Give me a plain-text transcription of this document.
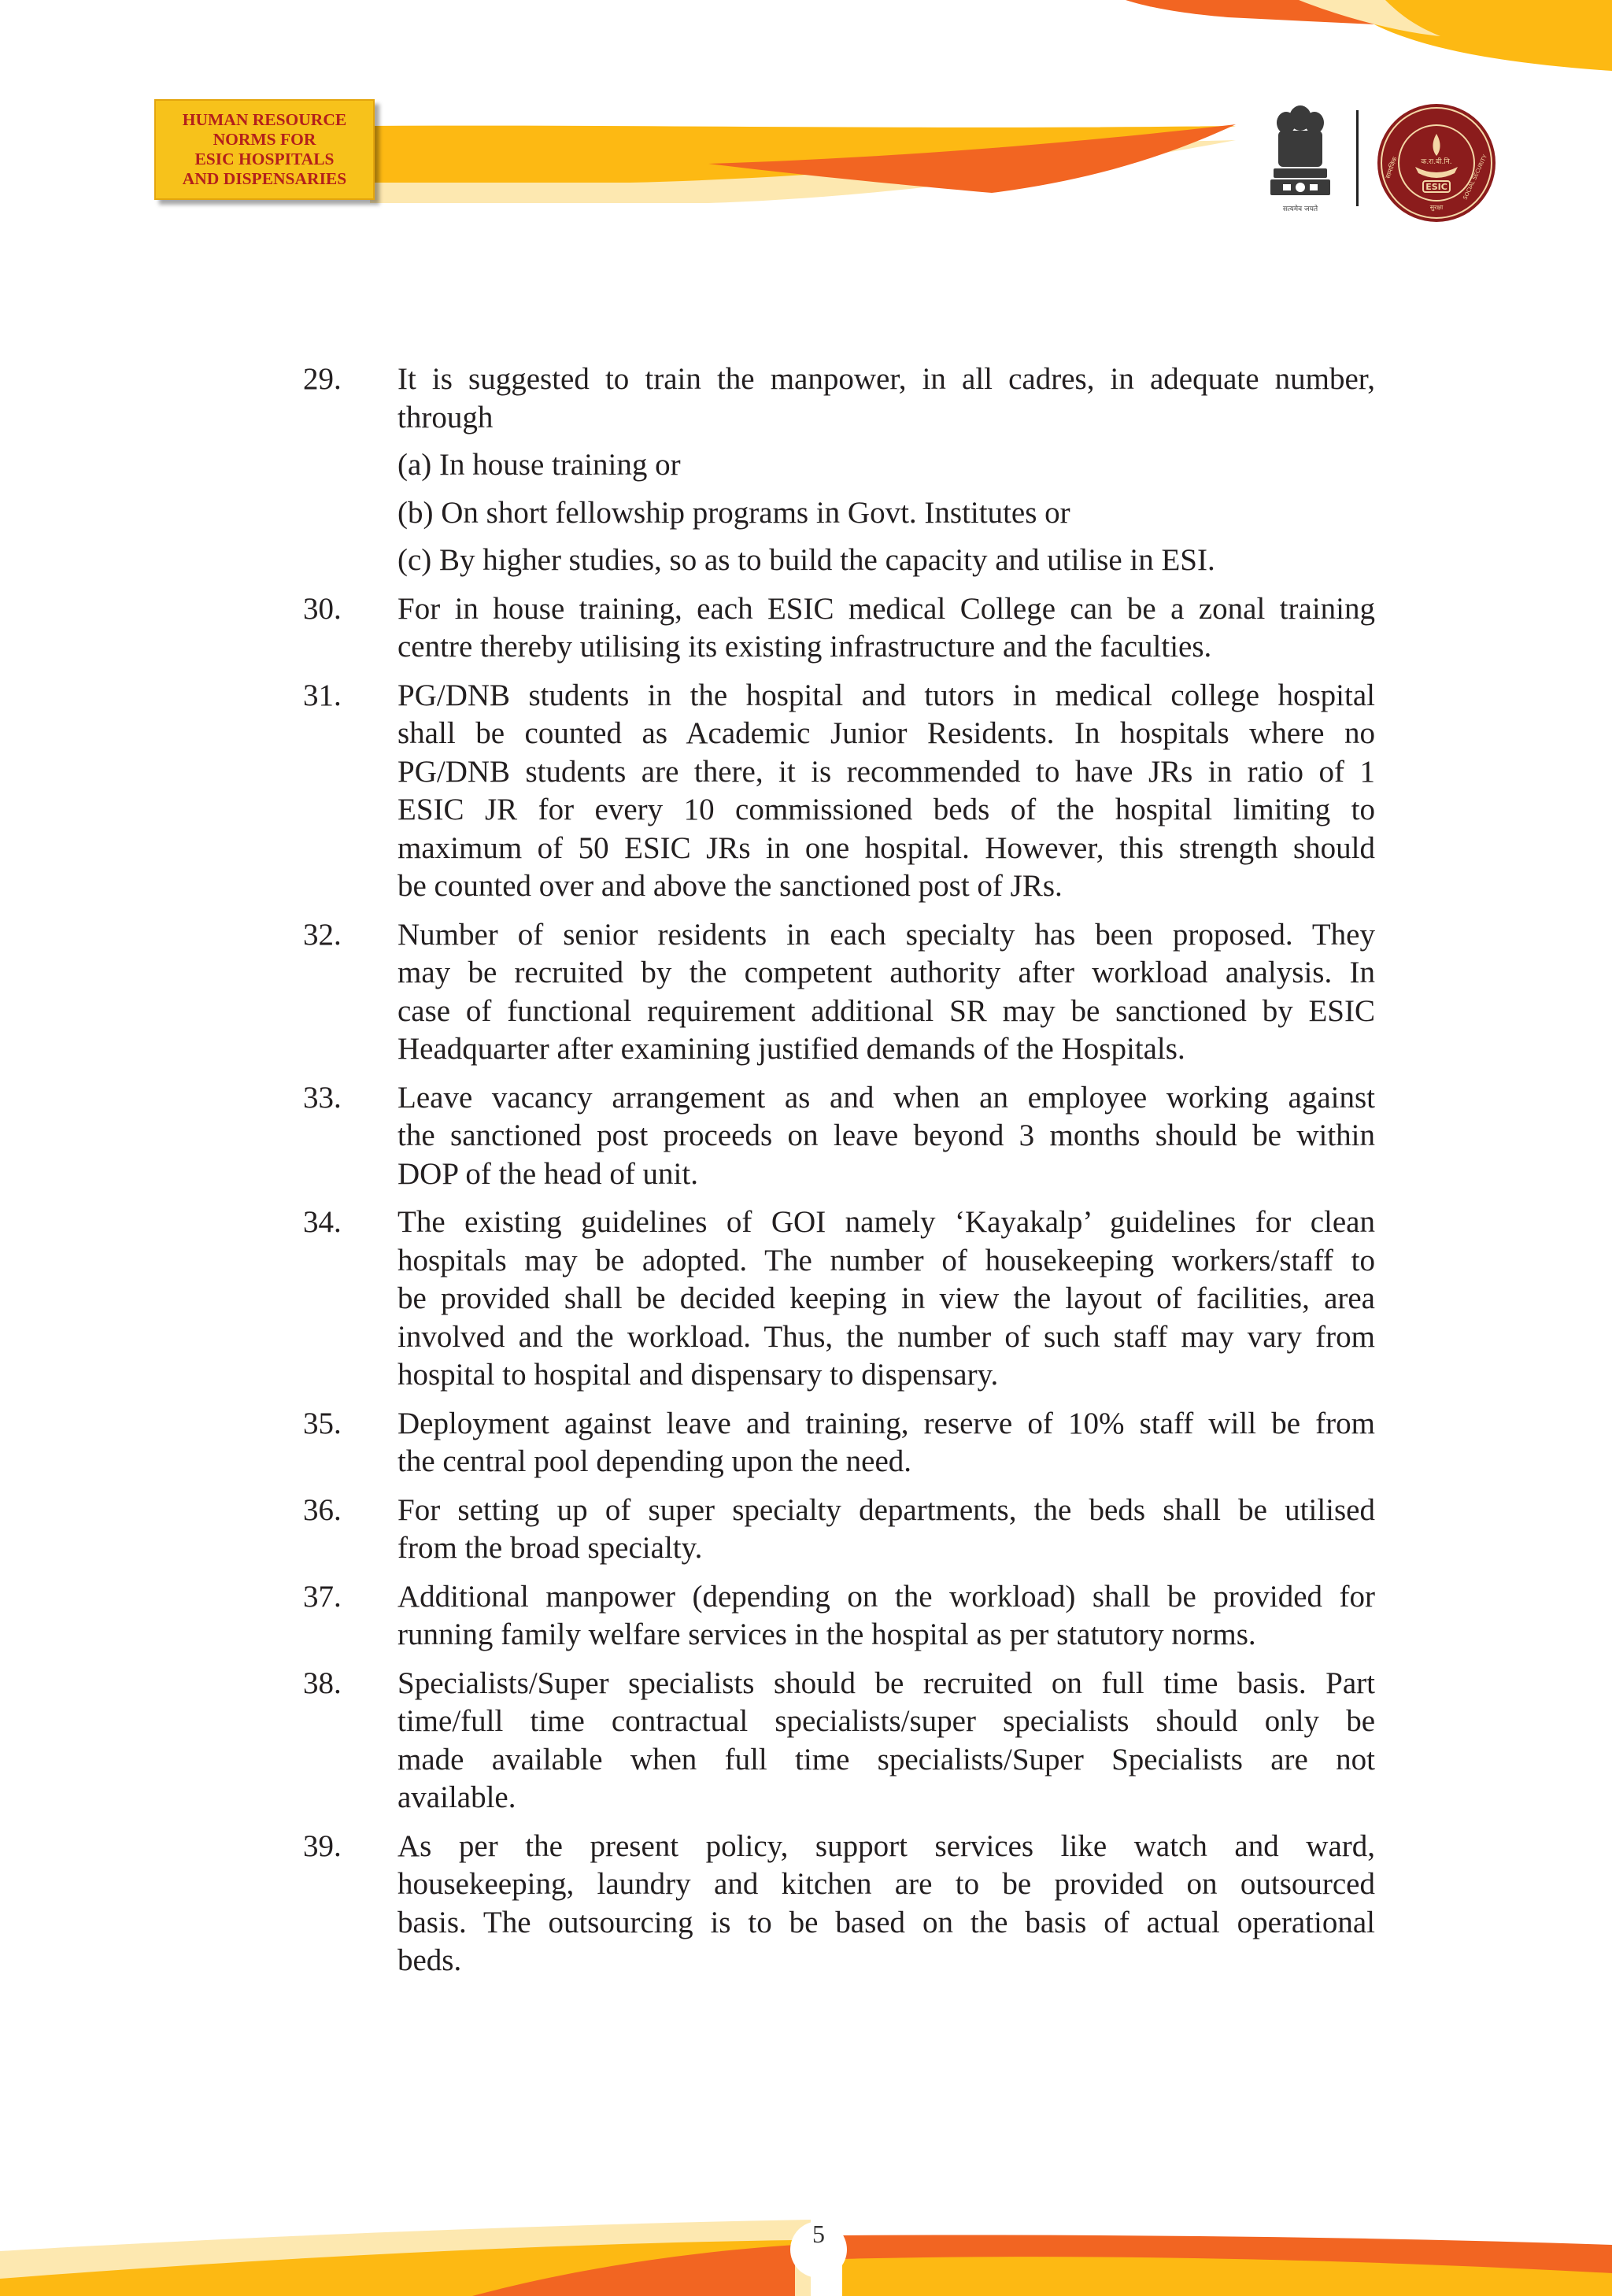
HUMAN RESOURCE
NORMS FOR
ESIC HOSPITALS
AND DISPENSARIES
सत्यमेव जयते
क.रा.बी.नि.
ESIC
सामाजिक
सुरक्षा
SOCIAL SECURITY
29.	It is suggested to train the manpower, in all cadres, in adequate number,
through

(a) In house training or

(b) On short fellowship programs in Govt. Institutes or

(c) By higher studies, so as to build the capacity and utilise in ESI.

30.	For in house training, each ESIC medical College can be a zonal training
centre thereby utilising its existing infrastructure and the faculties.
31.	PG/DNB students in the hospital and tutors in medical college hospital
shall be counted as Academic Junior Residents. In hospitals where no
PG/DNB students are there, it is recommended to have JRs in ratio of 1
ESIC JR for every 10 commissioned beds of the hospital limiting to
maximum of 50 ESIC JRs in one hospital. However, this strength should
be counted over and above the sanctioned post of JRs.
32.	Number of senior residents in each specialty has been proposed. They
may be recruited by the competent authority after workload analysis. In
case of functional requirement additional SR may be sanctioned by ESIC
Headquarter after examining justified demands of the Hospitals.
33.	Leave vacancy arrangement as and when an employee working against
the sanctioned post proceeds on leave beyond 3 months should be within
DOP of the head of unit.
34.	The existing guidelines of GOI namely ‘Kayakalp’ guidelines for clean
hospitals may be adopted. The number of housekeeping workers/staff to
be provided shall be decided keeping in view the layout of facilities, area
involved and the workload. Thus, the number of such staff may vary from
hospital to hospital and dispensary to dispensary.
35.	Deployment against leave and training, reserve of 10% staff will be from
the central pool depending upon the need.
36.	For setting up of super specialty departments, the beds shall be utilised
from the broad specialty.
37.	Additional manpower (depending on the workload) shall be provided for
running family welfare services in the hospital as per statutory norms.
38.	Specialists/Super specialists should be recruited on full time basis. Part
time/full time contractual specialists/super specialists should only be
made available when full time specialists/Super Specialists are not
available.
39.	As per the present policy, support services like watch and ward,
housekeeping, laundry and kitchen are to be provided on outsourced
basis. The outsourcing is to be based on the basis of actual operational
beds.
5
